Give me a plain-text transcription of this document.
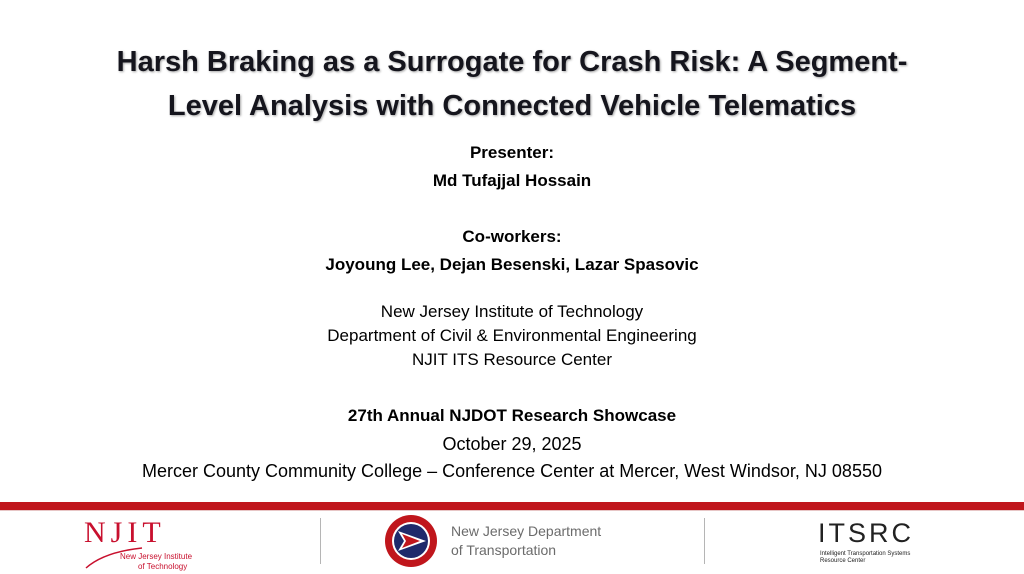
Harsh Braking as a Surrogate for Crash Risk: A Segment-
Level Analysis with Connected Vehicle Telematics
Presenter:
Md Tufajjal Hossain
Co-workers:
Joyoung Lee, Dejan Besenski, Lazar Spasovic
New Jersey Institute of Technology
Department of Civil & Environmental Engineering
NJIT ITS Resource Center
27th Annual NJDOT Research Showcase
October 29, 2025
Mercer County Community College – Conference Center at Mercer, West Windsor, NJ 08550
NJIT
New Jersey Institute
of Technology
New Jersey Department
of Transportation
ITSRC
Intelligent Transportation Systems
Resource Center
